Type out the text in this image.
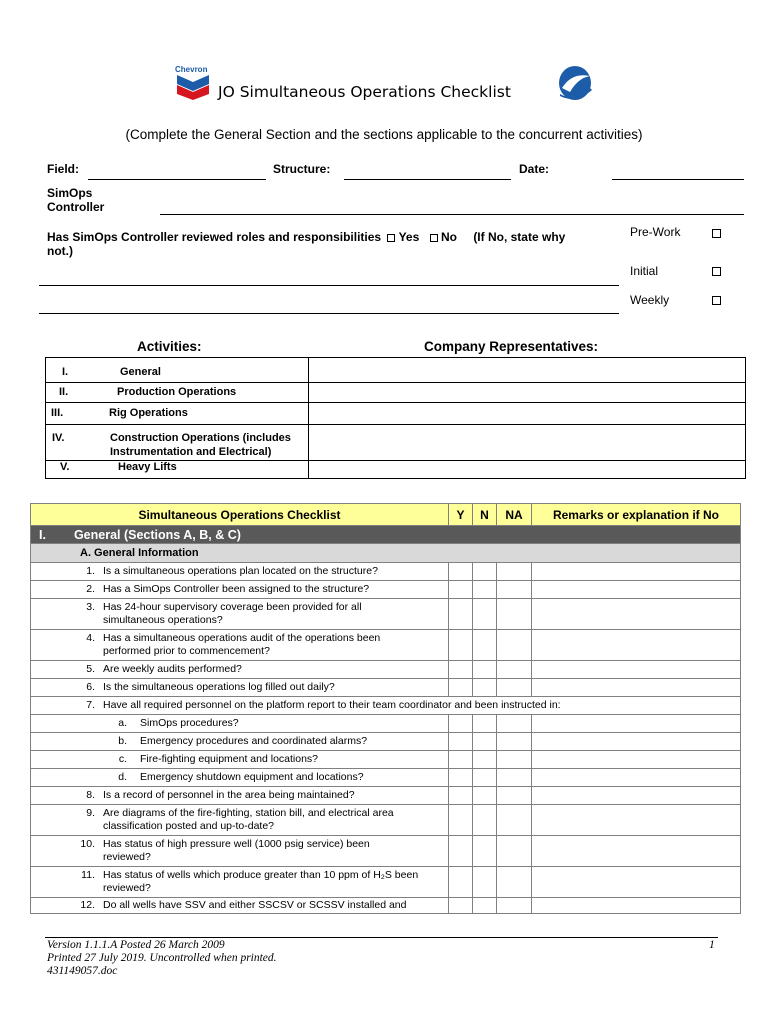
Chevron
JO Simultaneous Operations Checklist
(Complete the General Section and the sections applicable to the concurrent activities)
Field:	Structure:	Date:
SimOps
Controller
Has SimOps Controller reviewed roles and responsibilities Yes No (If No, state why
not.)
Pre-Work
Initial
Weekly
Activities:	Company Representatives:
I. General	

II. Production Operations	

III. Rig Operations	

IV. Construction Operations (includes Instrumentation and Electrical)	

V. Heavy Lifts	

Simultaneous Operations Checklist	Y	N	NA	Remarks or explanation if No
I. General (Sections A, B, & C)				
A. General Information				

1. Is a simultaneous operations plan located on the structure?				

2. Has a SimOps Controller been assigned to the structure?				

3. Has 24-hour supervisory coverage been provided for all simultaneous operations?				

4. Has a simultaneous operations audit of the operations been performed prior to commencement?				

5. Are weekly audits performed?				

6. Is the simultaneous operations log filled out daily?				

7. Have all required personnel on the platform report to their team coordinator and been instructed in:				

a. SimOps procedures?				

b. Emergency procedures and coordinated alarms?				

c. Fire-fighting equipment and locations?				

d. Emergency shutdown equipment and locations?				

8. Is a record of personnel in the area being maintained?				

9. Are diagrams of the fire-fighting, station bill, and electrical area classification posted and up-to-date?				

10. Has status of high pressure well (1000 psig service) been reviewed?				

11. Has status of wells which produce greater than 10 ppm of H₂S been reviewed?				

12. Do all wells have SSV and either SSCSV or SCSSV installed and				

Version 1.1.1.A Posted 26 March 2009
Printed 27 July 2019. Uncontrolled when printed.
431149057.doc
1
